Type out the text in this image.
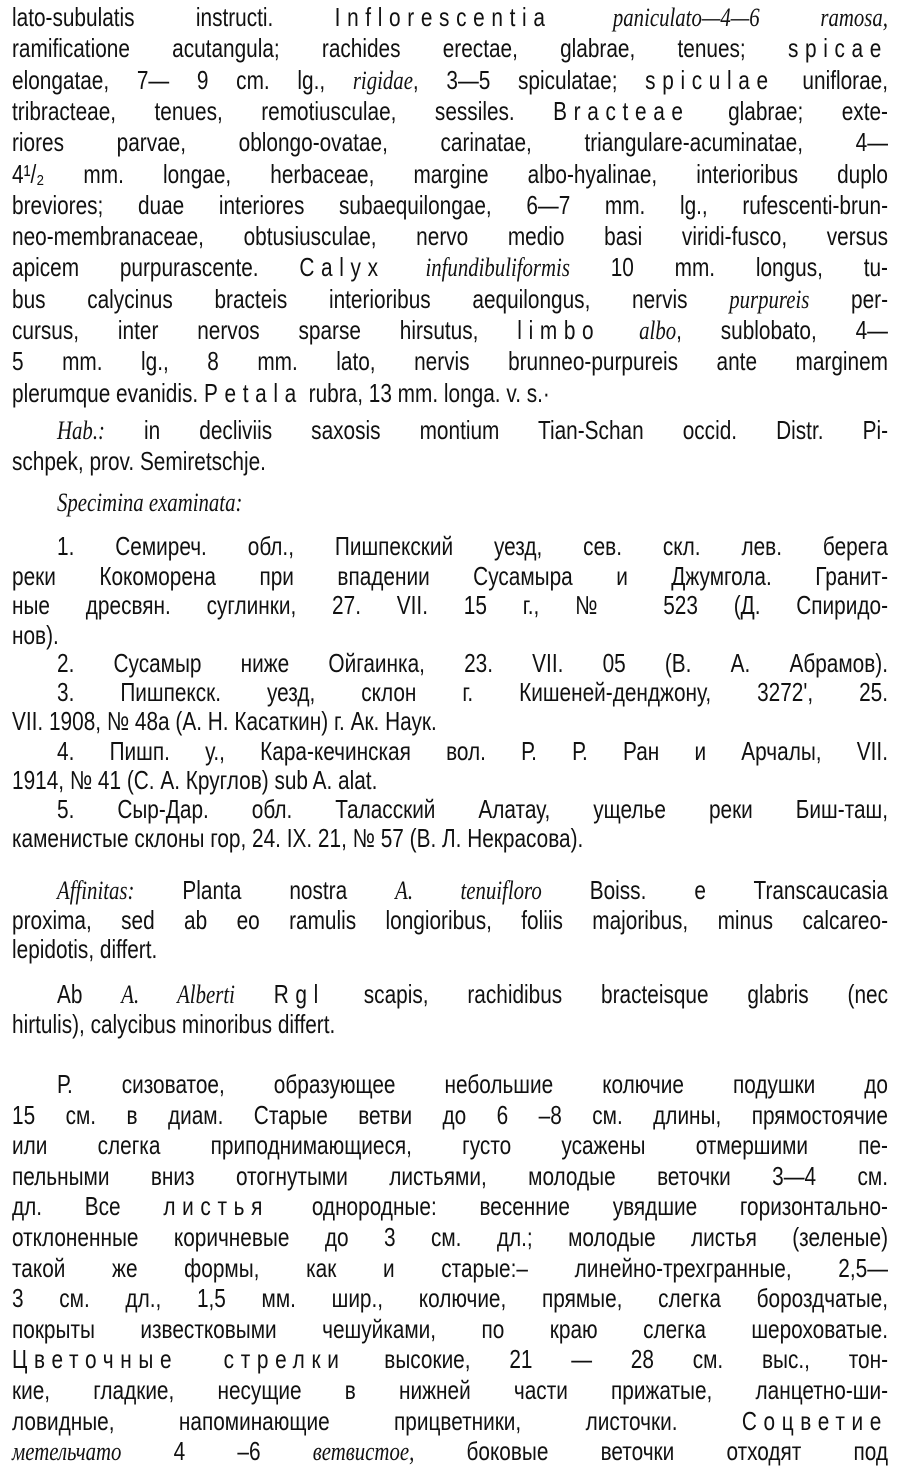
lato-subulatis instructi. Inflorescentia paniculato—4—6 ramosa,
ramificatione acutangula; rachides erectae, glabrae, tenues; spicae
elongatae, 7— 9 cm. lg., rigidae, 3—5 spiculatae; spiculae uniflorae,
tribracteae, tenues, remotiusculae, sessiles. Bracteae glabrae; exte-
riores parvae, oblongo-ovatae, carinatae, triangulare-acuminatae, 4—
4¹/₂ mm. longae, herbaceae, margine albo-hyalinae, interioribus duplo
breviores; duae interiores subaequilongae, 6—7 mm. lg., rufescenti-brun-
neo-membranaceae, obtusiusculae, nervo medio basi viridi-fusco, versus
apicem purpurascente. Calyx infundibuliformis 10 mm. longus, tu-
bus calycinus bracteis interioribus aequilongus, nervis purpureis per-
cursus, inter nervos sparse hirsutus, limbo albo, sublobato, 4—
5 mm. lg., 8 mm. lato, nervis brunneo-purpureis ante marginem
plerumque evanidis. Petala rubra, 13 mm. longa. v. s.·
Hab.: in decliviis saxosis montium Tian-Schan occid. Distr. Pi-
schpek, prov. Semiretschje.
Specimina examinata:
1. Семиреч. обл., Пишпекский уезд, сев. скл. лев. берега
реки Кокоморена при впадении Сусамыра и Джумгола. Гранит-
ные дресвян. суглинки, 27. VII. 15 г., № 523 (Д. Спиридо-
нов).
2. Сусамыр ниже Ойгаинка, 23. VII. 05 (В. А. Абрамов).
3. Пишпекск. уезд, склон г. Кишеней-денджону, 3272', 25.
VII. 1908, № 48а (А. Н. Касаткин) г. Ак. Наук.
4. Пишп. у., Кара-кечинская вол. Р. Р. Ран и Арчалы, VII.
1914, № 41 (С. А. Круглов) sub A. alat.
5. Сыр-Дар. обл. Таласский Алатау, ущелье реки Биш-таш,
каменистые склоны гор, 24. IX. 21, № 57 (В. Л. Некрасова).
Affinitas: Planta nostra A. tenuifloro Boiss. e Transcaucasia
proxima, sed ab eo ramulis longioribus, foliis majoribus, minus calcareo-
lepidotis, differt.
Ab A. Alberti Rgl scapis, rachidibus bracteisque glabris (nec
hirtulis), calycibus minoribus differt.
Р. сизоватое, образующее небольшие колючие подушки до
15 см. в диам. Старые ветви до 6 –8 см. длины, прямостоячие
или слегка приподнимающиеся, густо усажены отмершими пе-
пельными вниз отогнутыми листьями, молодые веточки 3—4 см.
дл. Все листья однородные: весенние увядшие горизонтально-
отклоненные коричневые до 3 см. дл.; молодые листья (зеленые)
такой же формы, как и старые:– линейно-трехгранные, 2,5—
3 см. дл., 1,5 мм. шир., колючие, прямые, слегка бороздчатые,
покрыты известковыми чешуйками, по краю слегка шероховатые.
Цветочные стрелки высокие, 21 — 28 см. выс., тон-
кие, гладкие, несущие в нижней части прижатые, ланцетно-ши-
ловидные, напоминающие прицветники, листочки. Соцветие
метельчато 4 –6 ветвистое, боковые веточки отходят под
